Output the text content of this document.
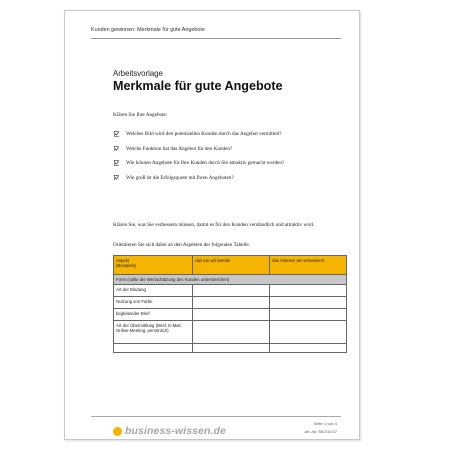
Kunden gewinnen: Merkmale für gute Angebote
Arbeitsvorlage
Merkmale für gute Angebote
Klären Sie Ihre Angebote:
Welches Bild wird den potenziellen Kunden durch das Angebot vermittelt?
Welche Funktion hat das Angebot für den Kunden?
Wie können Angebote für Ihre Kunden durch Sie attraktiv gemacht werden?
Wie groß ist die Erfolgsquote mit Ihren Angeboten?
Klären Sie, was Sie verbessern müssen, damit es für den Kunden verständlich und attraktiv wird.
Orientieren Sie sich dabei an den Aspekten der folgenden Tabelle.
Aspekt
(Beispiele)	das tun wir bereits	das müssen wir verbessern
Form (sollte die Wertschätzung des Kunden unterstreichen)		
Art der Bindung		
Nutzung von Farbe		
begleitender Brief		
Art der Übermittlung (Brief, E-Mail, Online-Meeting, persönlich)		

business-wissen.de
Seite 1 von 4
Art.-Nr. SB.010.07
